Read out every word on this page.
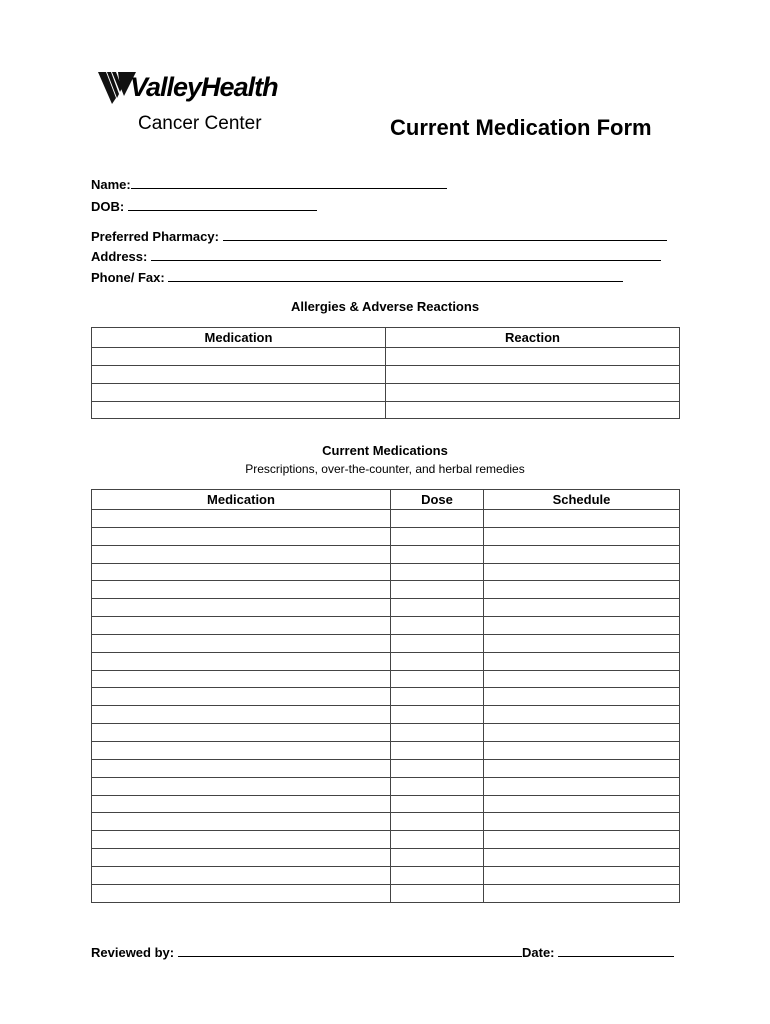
ValleyHealth
Cancer Center	Current Medication Form
Name:
DOB:
Preferred Pharmacy:
Address:
Phone/ Fax:
Allergies & Adverse Reactions
Medication	Reaction

Current Medications
Prescriptions, over-the-counter, and herbal remedies
Medication	Dose	Schedule

Reviewed by:	Date:
